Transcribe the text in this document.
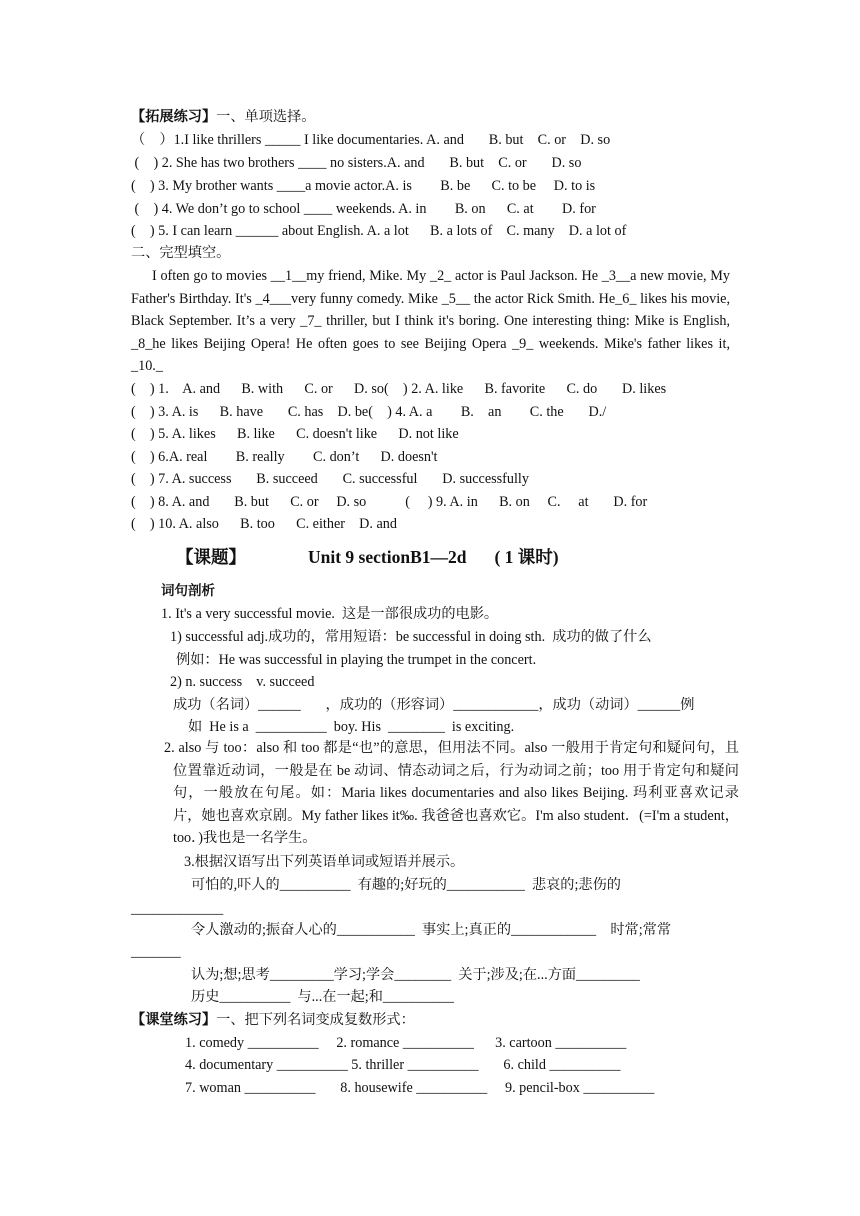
【拓展练习】一、单项选择。
（    ）1.I like thrillers _____ I like documentaries. A. and       B. but    C. or    D. so
(    ) 2. She has two brothers ____ no sisters.A. and       B. but    C. or       D. so
(    ) 3. My brother wants ____a movie actor.A. is        B. be      C. to be     D. to is
(    ) 4. We don’t go to school ____ weekends. A. in        B. on      C. at        D. for
(    ) 5. I can learn ______ about English. A. a lot      B. a lots of    C. many    D. a lot of
二、完型填空。
I often go to movies __1__my friend, Mike. My _2_ actor is Paul Jackson. He _3__a new movie, My Father's Birthday. It's _4___very funny comedy. Mike _5__ the actor Rick Smith. He_6_ likes his movie, Black September. It’s a very _7_ thriller, but I think it's boring. One interesting thing: Mike is English, _8_he likes Beijing Opera! He often goes to see Beijing Opera _9_ weekends. Mike's father likes it, _10._
(    ) 1.    A. and      B. with      C. or      D. so(    ) 2. A. like      B. favorite      C. do       D. likes
(    ) 3. A. is      B. have       C. has    D. be(    ) 4. A. a        B.    an        C. the       D./
(    ) 5. A. likes      B. like      C. doesn't like      D. not like
(    ) 6.A. real        B. really        C. don’t      D. doesn't
(    ) 7. A. success       B. succeed       C. successful       D. successfully
(    ) 8. A. and       B. but      C. or     D. so           (     ) 9. A. in      B. on     C.     at       D. for
(    ) 10. A. also      B. too      C. either    D. and
【课题】	Unit 9 sectionB1—2d ( 1 课时)
词句剖析
1. It's a very successful movie.  这是一部很成功的电影。
1) successful adj.成功的，常用短语：be successful in doing sth.  成功的做了什么
例如：He was successful in playing the trumpet in the concert.
2) n. success    v. succeed
成功（名词）______       ，成功的（形容词）____________，成功（动词）______例
如  He is a  __________  boy. His  ________  is exciting.
2. also 与 too：also 和 too 都是“也”的意思，但用法不同。also 一般用于肯定句和疑问句，且位置靠近动词，一般是在 be 动词、情态动词之后，行为动词之前；too 用于肯定句和疑问句，一般放在句尾。如：Maria likes documentaries and also likes Beijing. 玛利亚喜欢记录片，她也喜欢京剧。My father likes it‰. 我爸爸也喜欢它。I'm also student．(=I'm a student，too．)我也是一名学生。
3.根据汉语写出下列英语单词或短语并展示。
可怕的,吓人的__________  有趣的;好玩的___________  悲哀的;悲伤的
_____________
令人激动的;振奋人心的___________  事实上;真正的____________    时常;常常
_______
认为;想;思考_________学习;学会________  关于;涉及;在...方面_________
历史__________  与...在一起;和__________
【课堂练习】一、把下列名词变成复数形式：
1. comedy __________     2. romance __________      3. cartoon __________
4. documentary __________ 5. thriller __________       6. child __________
7. woman __________       8. housewife __________     9. pencil-box __________
